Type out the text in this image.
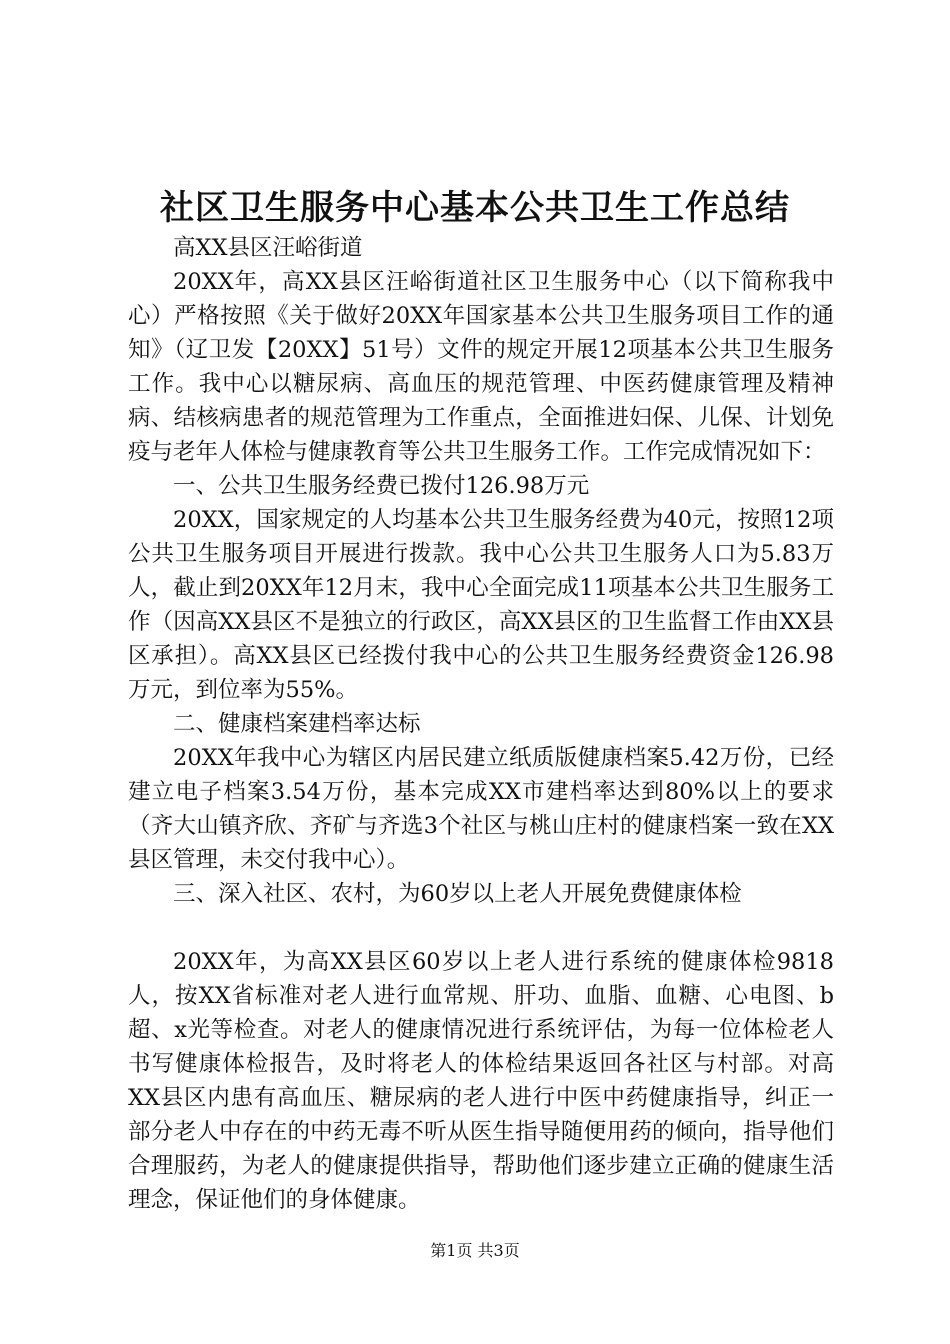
社区卫生服务中心基本公共卫生工作总结

高XX县区汪峪街道

20XX年，高XX县区汪峪街道社区卫生服务中心（以下简称我中心）严格按照《关于做好20XX年国家基本公共卫生服务项目工作的通知》（辽卫发【20XX】51号）文件的规定开展12项基本公共卫生服务工作。我中心以糖尿病、高血压的规范管理、中医药健康管理及精神病、结核病患者的规范管理为工作重点，全面推进妇保、儿保、计划免疫与老年人体检与健康教育等公共卫生服务工作。工作完成情况如下：

一、公共卫生服务经费已拨付126.98万元

20XX，国家规定的人均基本公共卫生服务经费为40元，按照12项公共卫生服务项目开展进行拨款。我中心公共卫生服务人口为5.83万人，截止到20XX年12月末，我中心全面完成11项基本公共卫生服务工作（因高XX县区不是独立的行政区，高XX县区的卫生监督工作由XX县区承担）。高XX县区已经拨付我中心的公共卫生服务经费资金126.98万元，到位率为55%。

二、健康档案建档率达标

20XX年我中心为辖区内居民建立纸质版健康档案5.42万份，已经建立电子档案3.54万份，基本完成XX市建档率达到80%以上的要求（齐大山镇齐欣、齐矿与齐选3个社区与桃山庄村的健康档案一致在XX县区管理，未交付我中心）。

三、深入社区、农村，为60岁以上老人开展免费健康体检

20XX年，为高XX县区60岁以上老人进行系统的健康体检9818人，按XX省标准对老人进行血常规、肝功、血脂、血糖、心电图、b超、x光等检查。对老人的健康情况进行系统评估，为每一位体检老人书写健康体检报告，及时将老人的体检结果返回各社区与村部。对高XX县区内患有高血压、糖尿病的老人进行中医中药健康指导，纠正一部分老人中存在的中药无毒不听从医生指导随便用药的倾向，指导他们合理服药，为老人的健康提供指导，帮助他们逐步建立正确的健康生活理念，保证他们的身体健康。

第1页 共3页
